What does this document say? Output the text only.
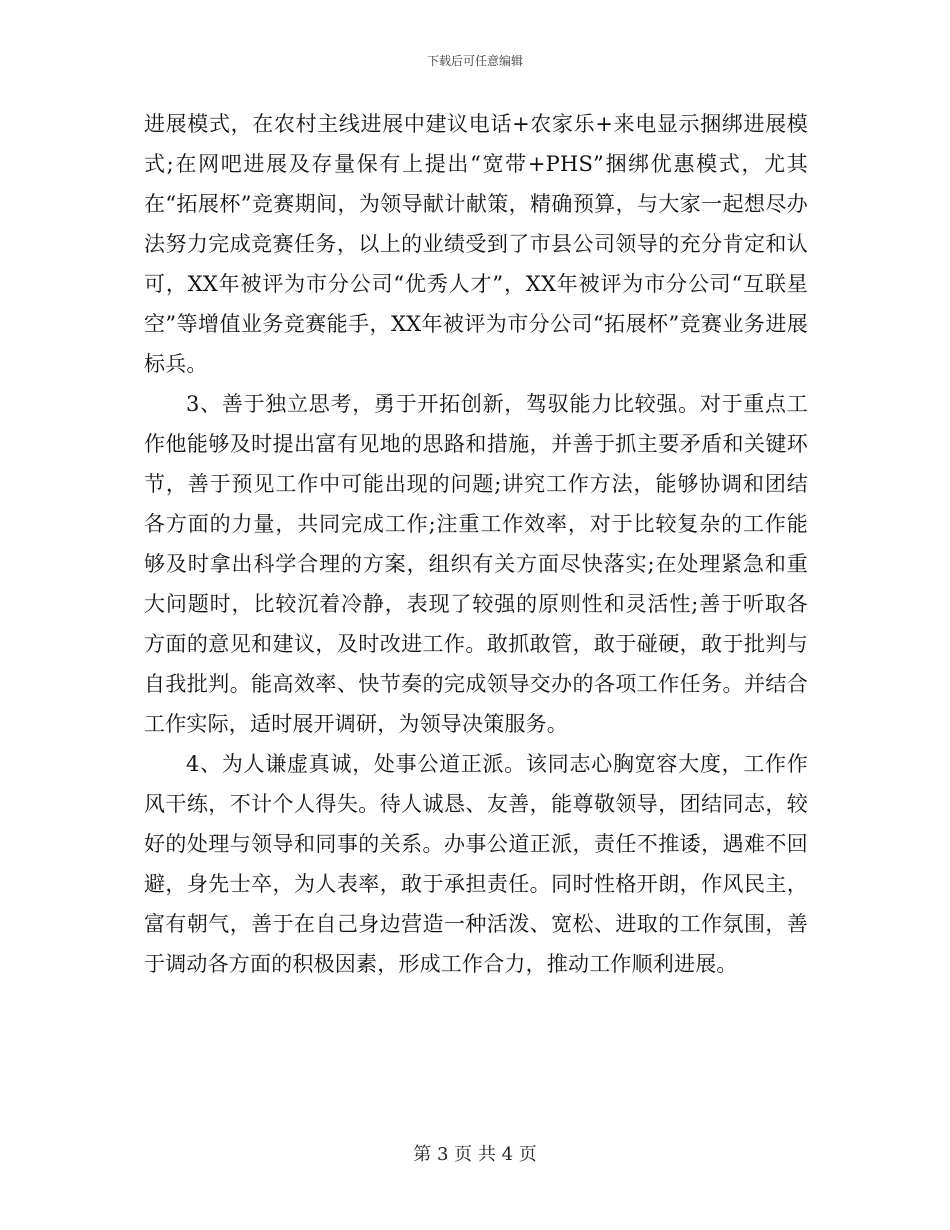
下载后可任意编辑

进展模式，在农村主线进展中建议电话+农家乐+来电显示捆绑进展模式;在网吧进展及存量保有上提出“宽带+PHS”捆绑优惠模式，尤其在“拓展杯”竞赛期间，为领导献计献策，精确预算，与大家一起想尽办法努力完成竞赛任务，以上的业绩受到了市县公司领导的充分肯定和认可，XX年被评为市分公司“优秀人才”，XX年被评为市分公司“互联星空”等增值业务竞赛能手，XX年被评为市分公司“拓展杯”竞赛业务进展标兵。

3、善于独立思考，勇于开拓创新，驾驭能力比较强。对于重点工作他能够及时提出富有见地的思路和措施，并善于抓主要矛盾和关键环节，善于预见工作中可能出现的问题;讲究工作方法，能够协调和团结各方面的力量，共同完成工作;注重工作效率，对于比较复杂的工作能够及时拿出科学合理的方案，组织有关方面尽快落实;在处理紧急和重大问题时，比较沉着冷静，表现了较强的原则性和灵活性;善于听取各方面的意见和建议，及时改进工作。敢抓敢管，敢于碰硬，敢于批判与自我批判。能高效率、快节奏的完成领导交办的各项工作任务。并结合工作实际，适时展开调研，为领导决策服务。

4、为人谦虚真诚，处事公道正派。该同志心胸宽容大度，工作作风干练，不计个人得失。待人诚恳、友善，能尊敬领导，团结同志，较好的处理与领导和同事的关系。办事公道正派，责任不推诿，遇难不回避，身先士卒，为人表率，敢于承担责任。同时性格开朗，作风民主，富有朝气，善于在自己身边营造一种活泼、宽松、进取的工作氛围，善于调动各方面的积极因素，形成工作合力，推动工作顺利进展。

第 3 页 共 4 页
